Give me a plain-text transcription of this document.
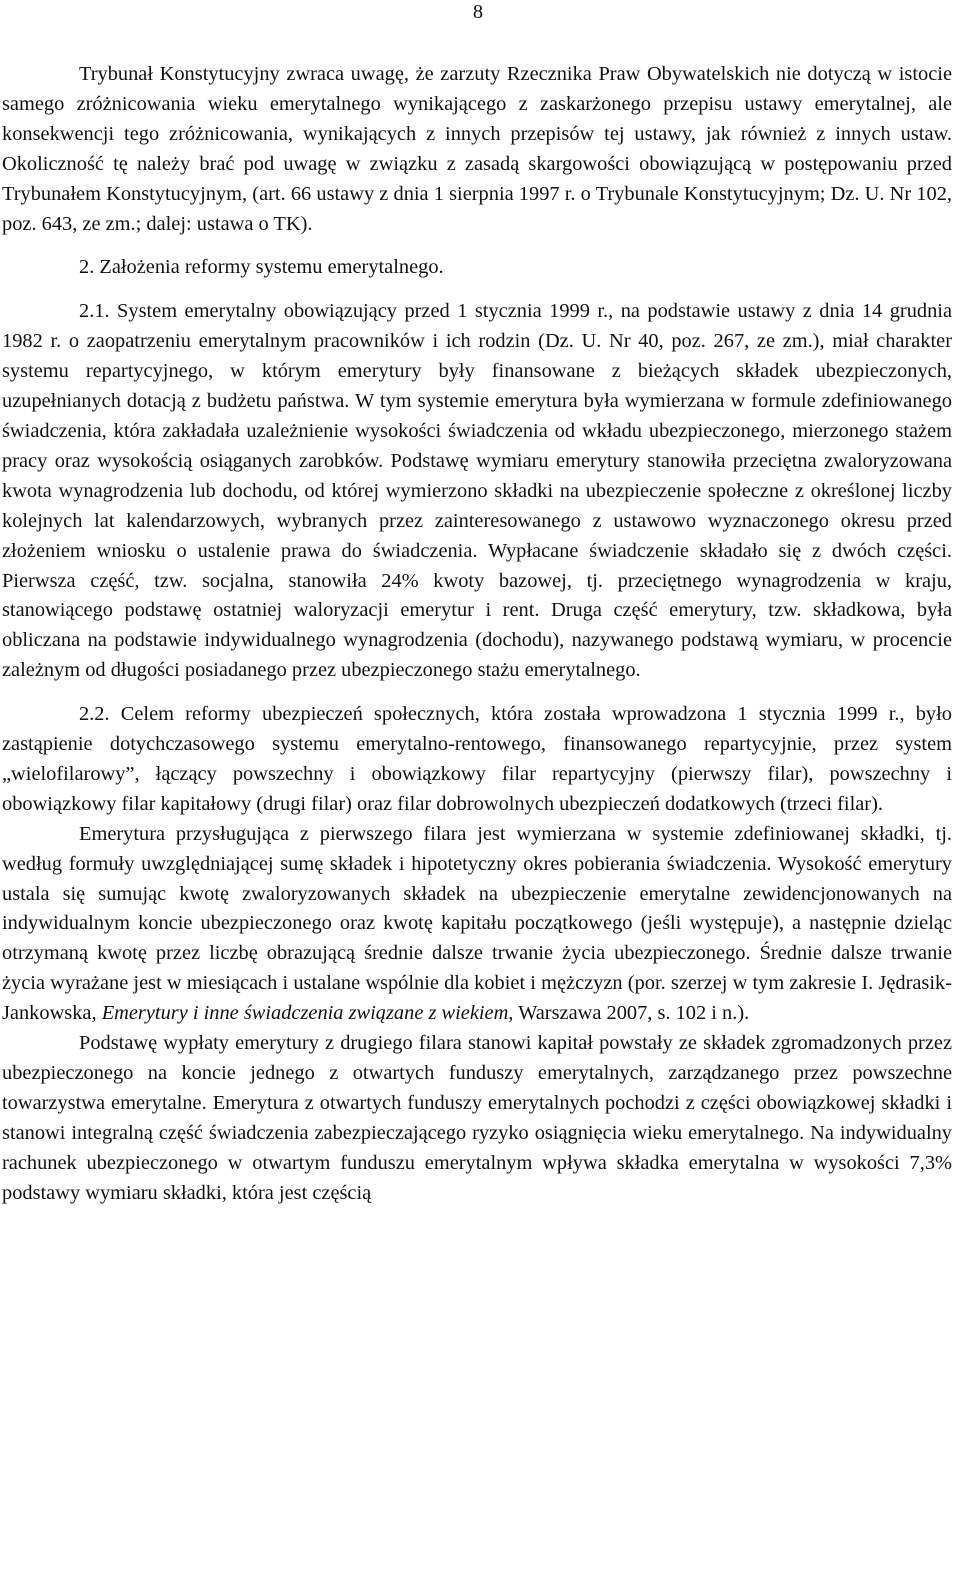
8

Trybunał Konstytucyjny zwraca uwagę, że zarzuty Rzecznika Praw Obywatelskich nie dotyczą w istocie samego zróżnicowania wieku emerytalnego wynikającego z zaskarżonego przepisu ustawy emerytalnej, ale konsekwencji tego zróżnicowania, wynikających z innych przepisów tej ustawy, jak również z innych ustaw. Okoliczność tę należy brać pod uwagę w związku z zasadą skargowości obowiązującą w postępowaniu przed Trybunałem Konstytucyjnym, (art. 66 ustawy z dnia 1 sierpnia 1997 r. o Trybunale Konstytucyjnym; Dz. U. Nr 102, poz. 643, ze zm.; dalej: ustawa o TK).

2. Założenia reformy systemu emerytalnego.

2.1. System emerytalny obowiązujący przed 1 stycznia 1999 r., na podstawie ustawy z dnia 14 grudnia 1982 r. o zaopatrzeniu emerytalnym pracowników i ich rodzin (Dz. U. Nr 40, poz. 267, ze zm.), miał charakter systemu repartycyjnego, w którym emerytury były finansowane z bieżących składek ubezpieczonych, uzupełnianych dotacją z budżetu państwa. W tym systemie emerytura była wymierzana w formule zdefiniowanego świadczenia, która zakładała uzależnienie wysokości świadczenia od wkładu ubezpieczonego, mierzonego stażem pracy oraz wysokością osiąganych zarobków. Podstawę wymiaru emerytury stanowiła przeciętna zwaloryzowana kwota wynagrodzenia lub dochodu, od której wymierzono składki na ubezpieczenie społeczne z określonej liczby kolejnych lat kalendarzowych, wybranych przez zainteresowanego z ustawowo wyznaczonego okresu przed złożeniem wniosku o ustalenie prawa do świadczenia. Wypłacane świadczenie składało się z dwóch części. Pierwsza część, tzw. socjalna, stanowiła 24% kwoty bazowej, tj. przeciętnego wynagrodzenia w kraju, stanowiącego podstawę ostatniej waloryzacji emerytur i rent. Druga część emerytury, tzw. składkowa, była obliczana na podstawie indywidualnego wynagrodzenia (dochodu), nazywanego podstawą wymiaru, w procencie zależnym od długości posiadanego przez ubezpieczonego stażu emerytalnego.

2.2. Celem reformy ubezpieczeń społecznych, która została wprowadzona 1 stycznia 1999 r., było zastąpienie dotychczasowego systemu emerytalno-rentowego, finansowanego repartycyjnie, przez system „wielofilarowy”, łączący powszechny i obowiązkowy filar repartycyjny (pierwszy filar), powszechny i obowiązkowy filar kapitałowy (drugi filar) oraz filar dobrowolnych ubezpieczeń dodatkowych (trzeci filar).

Emerytura przysługująca z pierwszego filara jest wymierzana w systemie zdefiniowanej składki, tj. według formuły uwzględniającej sumę składek i hipotetyczny okres pobierania świadczenia. Wysokość emerytury ustala się sumując kwotę zwaloryzowanych składek na ubezpieczenie emerytalne zewidencjonowanych na indywidualnym koncie ubezpieczonego oraz kwotę kapitału początkowego (jeśli występuje), a następnie dzieląc otrzymaną kwotę przez liczbę obrazującą średnie dalsze trwanie życia ubezpieczonego. Średnie dalsze trwanie życia wyrażane jest w miesiącach i ustalane wspólnie dla kobiet i mężczyzn (por. szerzej w tym zakresie I. Jędrasik-Jankowska, Emerytury i inne świadczenia związane z wiekiem, Warszawa 2007, s. 102 i n.).

Podstawę wypłaty emerytury z drugiego filara stanowi kapitał powstały ze składek zgromadzonych przez ubezpieczonego na koncie jednego z otwartych funduszy emerytalnych, zarządzanego przez powszechne towarzystwa emerytalne. Emerytura z otwartych funduszy emerytalnych pochodzi z części obowiązkowej składki i stanowi integralną część świadczenia zabezpieczającego ryzyko osiągnięcia wieku emerytalnego. Na indywidualny rachunek ubezpieczonego w otwartym funduszu emerytalnym wpływa składka emerytalna w wysokości 7,3% podstawy wymiaru składki, która jest częścią
